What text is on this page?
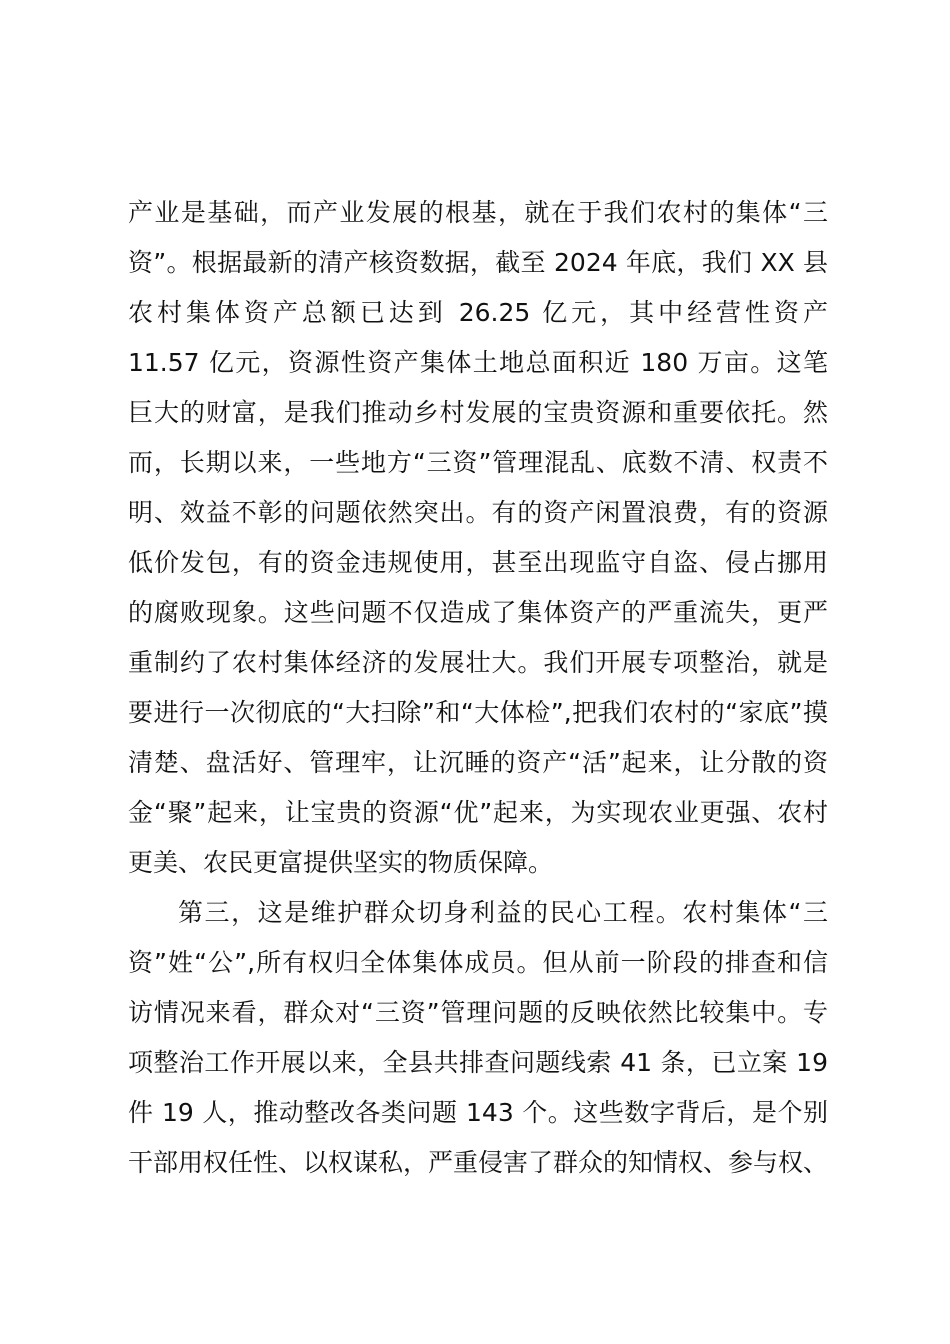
产业是基础，而产业发展的根基，就在于我们农村的集体“三
资”。根据最新的清产核资数据，截至 2024 年底，我们 XX 县
农村集体资产总额已达到 26.25 亿元，其中经营性资产
11.57 亿元，资源性资产集体土地总面积近 180 万亩。这笔
巨大的财富，是我们推动乡村发展的宝贵资源和重要依托。然
而，长期以来，一些地方“三资”管理混乱、底数不清、权责不
明、效益不彰的问题依然突出。有的资产闲置浪费，有的资源
低价发包，有的资金违规使用，甚至出现监守自盗、侵占挪用
的腐败现象。这些问题不仅造成了集体资产的严重流失，更严
重制约了农村集体经济的发展壮大。我们开展专项整治，就是
要进行一次彻底的“大扫除”和“大体检”,把我们农村的“家底”摸
清楚、盘活好、管理牢，让沉睡的资产“活”起来，让分散的资
金“聚”起来，让宝贵的资源“优”起来，为实现农业更强、农村
更美、农民更富提供坚实的物质保障。
第三，这是维护群众切身利益的民心工程。农村集体“三
资”姓“公”,所有权归全体集体成员。但从前一阶段的排查和信
访情况来看，群众对“三资”管理问题的反映依然比较集中。专
项整治工作开展以来，全县共排查问题线索 41 条，已立案 19
件 19 人，推动整改各类问题 143 个。这些数字背后，是个别
干部用权任性、以权谋私，严重侵害了群众的知情权、参与权、
